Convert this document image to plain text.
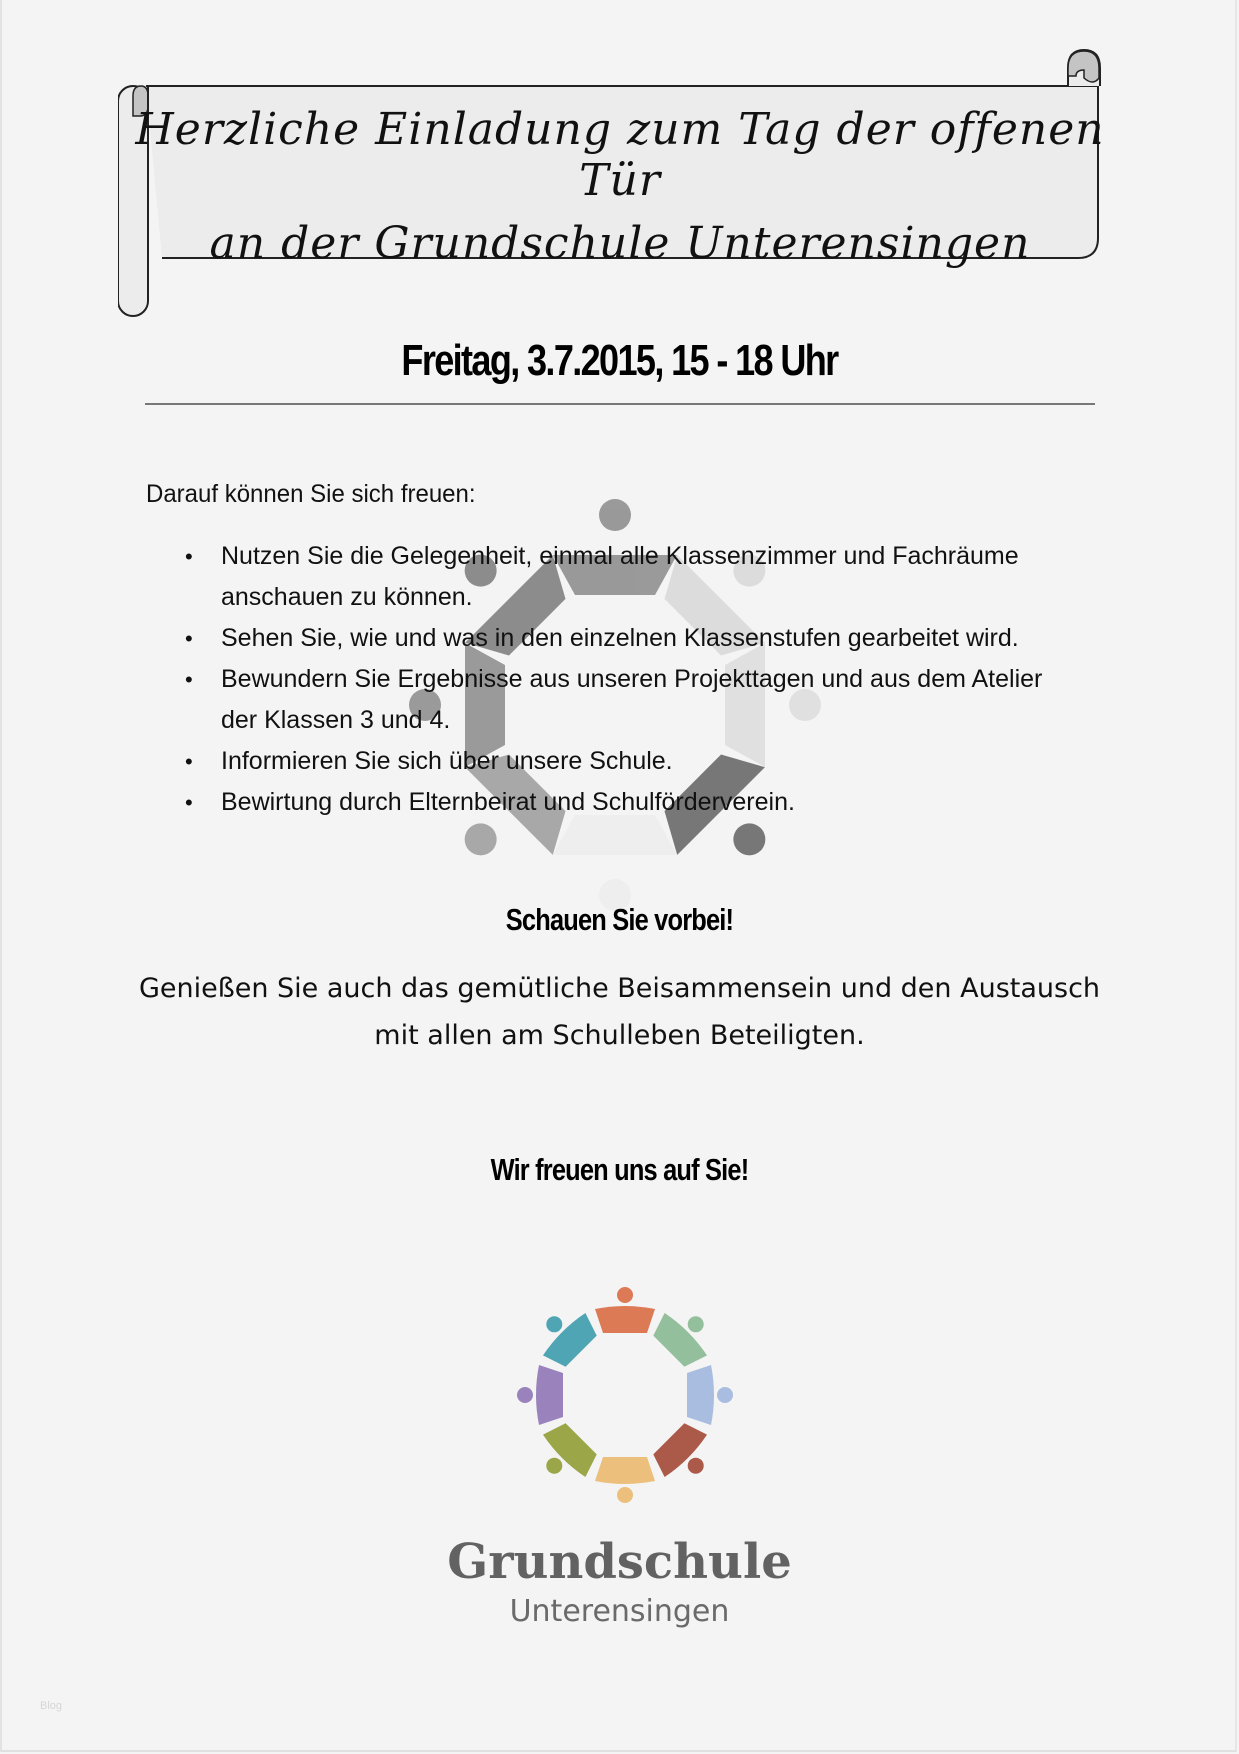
Herzliche Einladung zum Tag der offenen Tür
an der Grundschule Unterensingen
Freitag, 3.7.2015, 15 - 18 Uhr
Darauf können Sie sich freuen:
• Nutzen Sie die Gelegenheit, einmal alle Klassenzimmer und Fachräume
anschauen zu können.
• Sehen Sie, wie und was in den einzelnen Klassenstufen gearbeitet wird.
• Bewundern Sie Ergebnisse aus unseren Projekttagen und aus dem Atelier
der Klassen 3 und 4.
• Informieren Sie sich über unsere Schule.
• Bewirtung durch Elternbeirat und Schulförderverein.
Schauen Sie vorbei!
Genießen Sie auch das gemütliche Beisammensein und den Austausch
mit allen am Schulleben Beteiligten.
Wir freuen uns auf Sie!
Grundschule
Unterensingen
Blog
